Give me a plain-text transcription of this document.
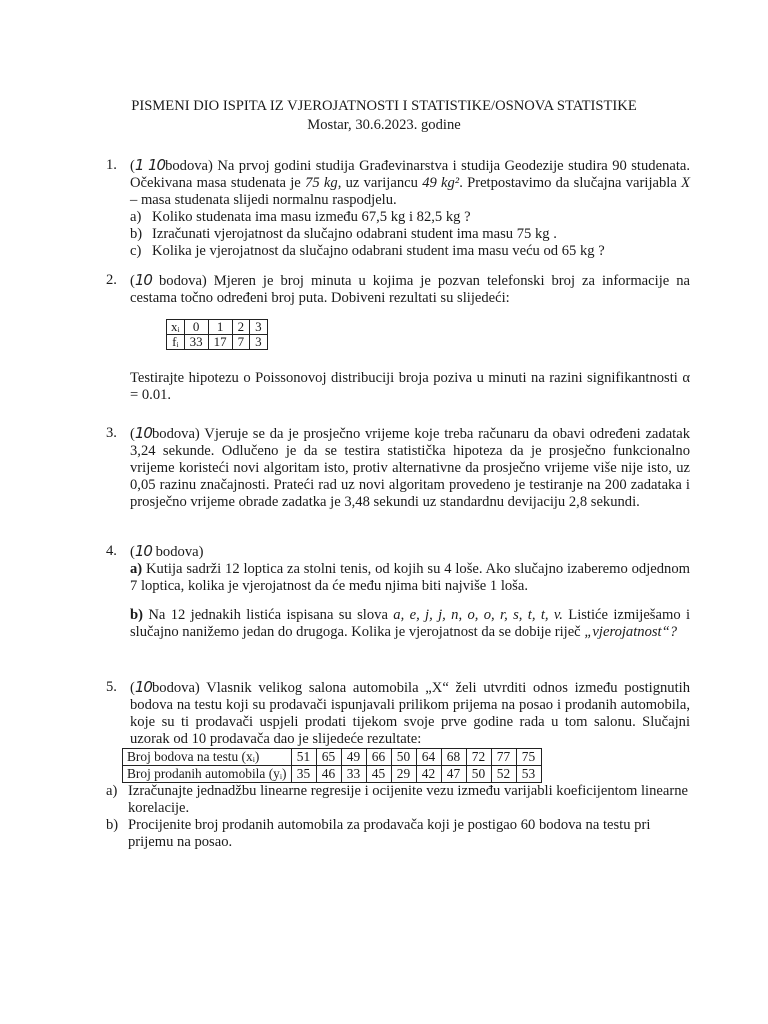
PISMENI DIO ISPITA IZ VJEROJATNOSTI I STATISTIKE/OSNOVA STATISTIKE
Mostar, 30.6.2023. godine
1. (1 10bodova) Na prvoj godini studija Građevinarstva i studija Geodezije studira 90 studenata. Očekivana masa studenata je 75 kg, uz varijancu 49 kg². Pretpostavimo da slučajna varijabla X – masa studenata slijedi normalnu raspodjelu.
a) Koliko studenata ima masu između 67,5 kg i 82,5 kg ?
b) Izračunati vjerojatnost da slučajno odabrani student ima masu 75 kg .
c) Kolika je vjerojatnost da slučajno odabrani student ima masu veću od 65 kg ?
2. (10 bodova) Mjeren je broj minuta u kojima je pozvan telefonski broj za informacije na cestama točno određeni broj puta. Dobiveni rezultati su slijedeći:
xᵢ	0	1	2	3
fᵢ	33	17	7	3
Testirajte hipotezu o Poissonovoj distribuciji broja poziva u minuti na razini signifikantnosti α = 0.01.
3. (10bodova) Vjeruje se da je prosječno vrijeme koje treba računaru da obavi određeni zadatak 3,24 sekunde. Odlučeno je da se testira statistička hipoteza da je prosječno funkcionalno vrijeme koristeći novi algoritam isto, protiv alternativne da prosječno vrijeme više nije isto, uz 0,05 razinu značajnosti. Prateći rad uz novi algoritam provedeno je testiranje na 200 zadataka i prosječno vrijeme obrade zadatka je 3,48 sekundi uz standardnu devijaciju 2,8 sekundi.
4. (10 bodova)
a) Kutija sadrži 12 loptica za stolni tenis, od kojih su 4 loše. Ako slučajno izaberemo odjednom 7 loptica, kolika je vjerojatnost da će među njima biti najviše 1 loša.
b) Na 12 jednakih listića ispisana su slova a, e, j, j, n, o, o, r, s, t, t, v. Listiće izmiješamo i slučajno nanižemo jedan do drugoga. Kolika je vjerojatnost da se dobije riječ „vjerojatnost“?
5. (10bodova) Vlasnik velikog salona automobila „X“ želi utvrditi odnos između postignutih bodova na testu koji su prodavači ispunjavali prilikom prijema na posao i prodanih automobila, koje su ti prodavači uspjeli prodati tijekom svoje prve godine rada u tom salonu. Slučajni uzorak od 10 prodavača dao je slijedeće rezultate:
Broj bodova na testu (xᵢ)	51	65	49	66	50	64	68	72	77	75
Broj prodanih automobila (yᵢ)	35	46	33	45	29	42	47	50	52	53
a) Izračunajte jednadžbu linearne regresije i ocijenite vezu između varijabli koeficijentom linearne korelacije.
b) Procijenite broj prodanih automobila za prodavača koji je postigao 60 bodova na testu pri prijemu na posao.
